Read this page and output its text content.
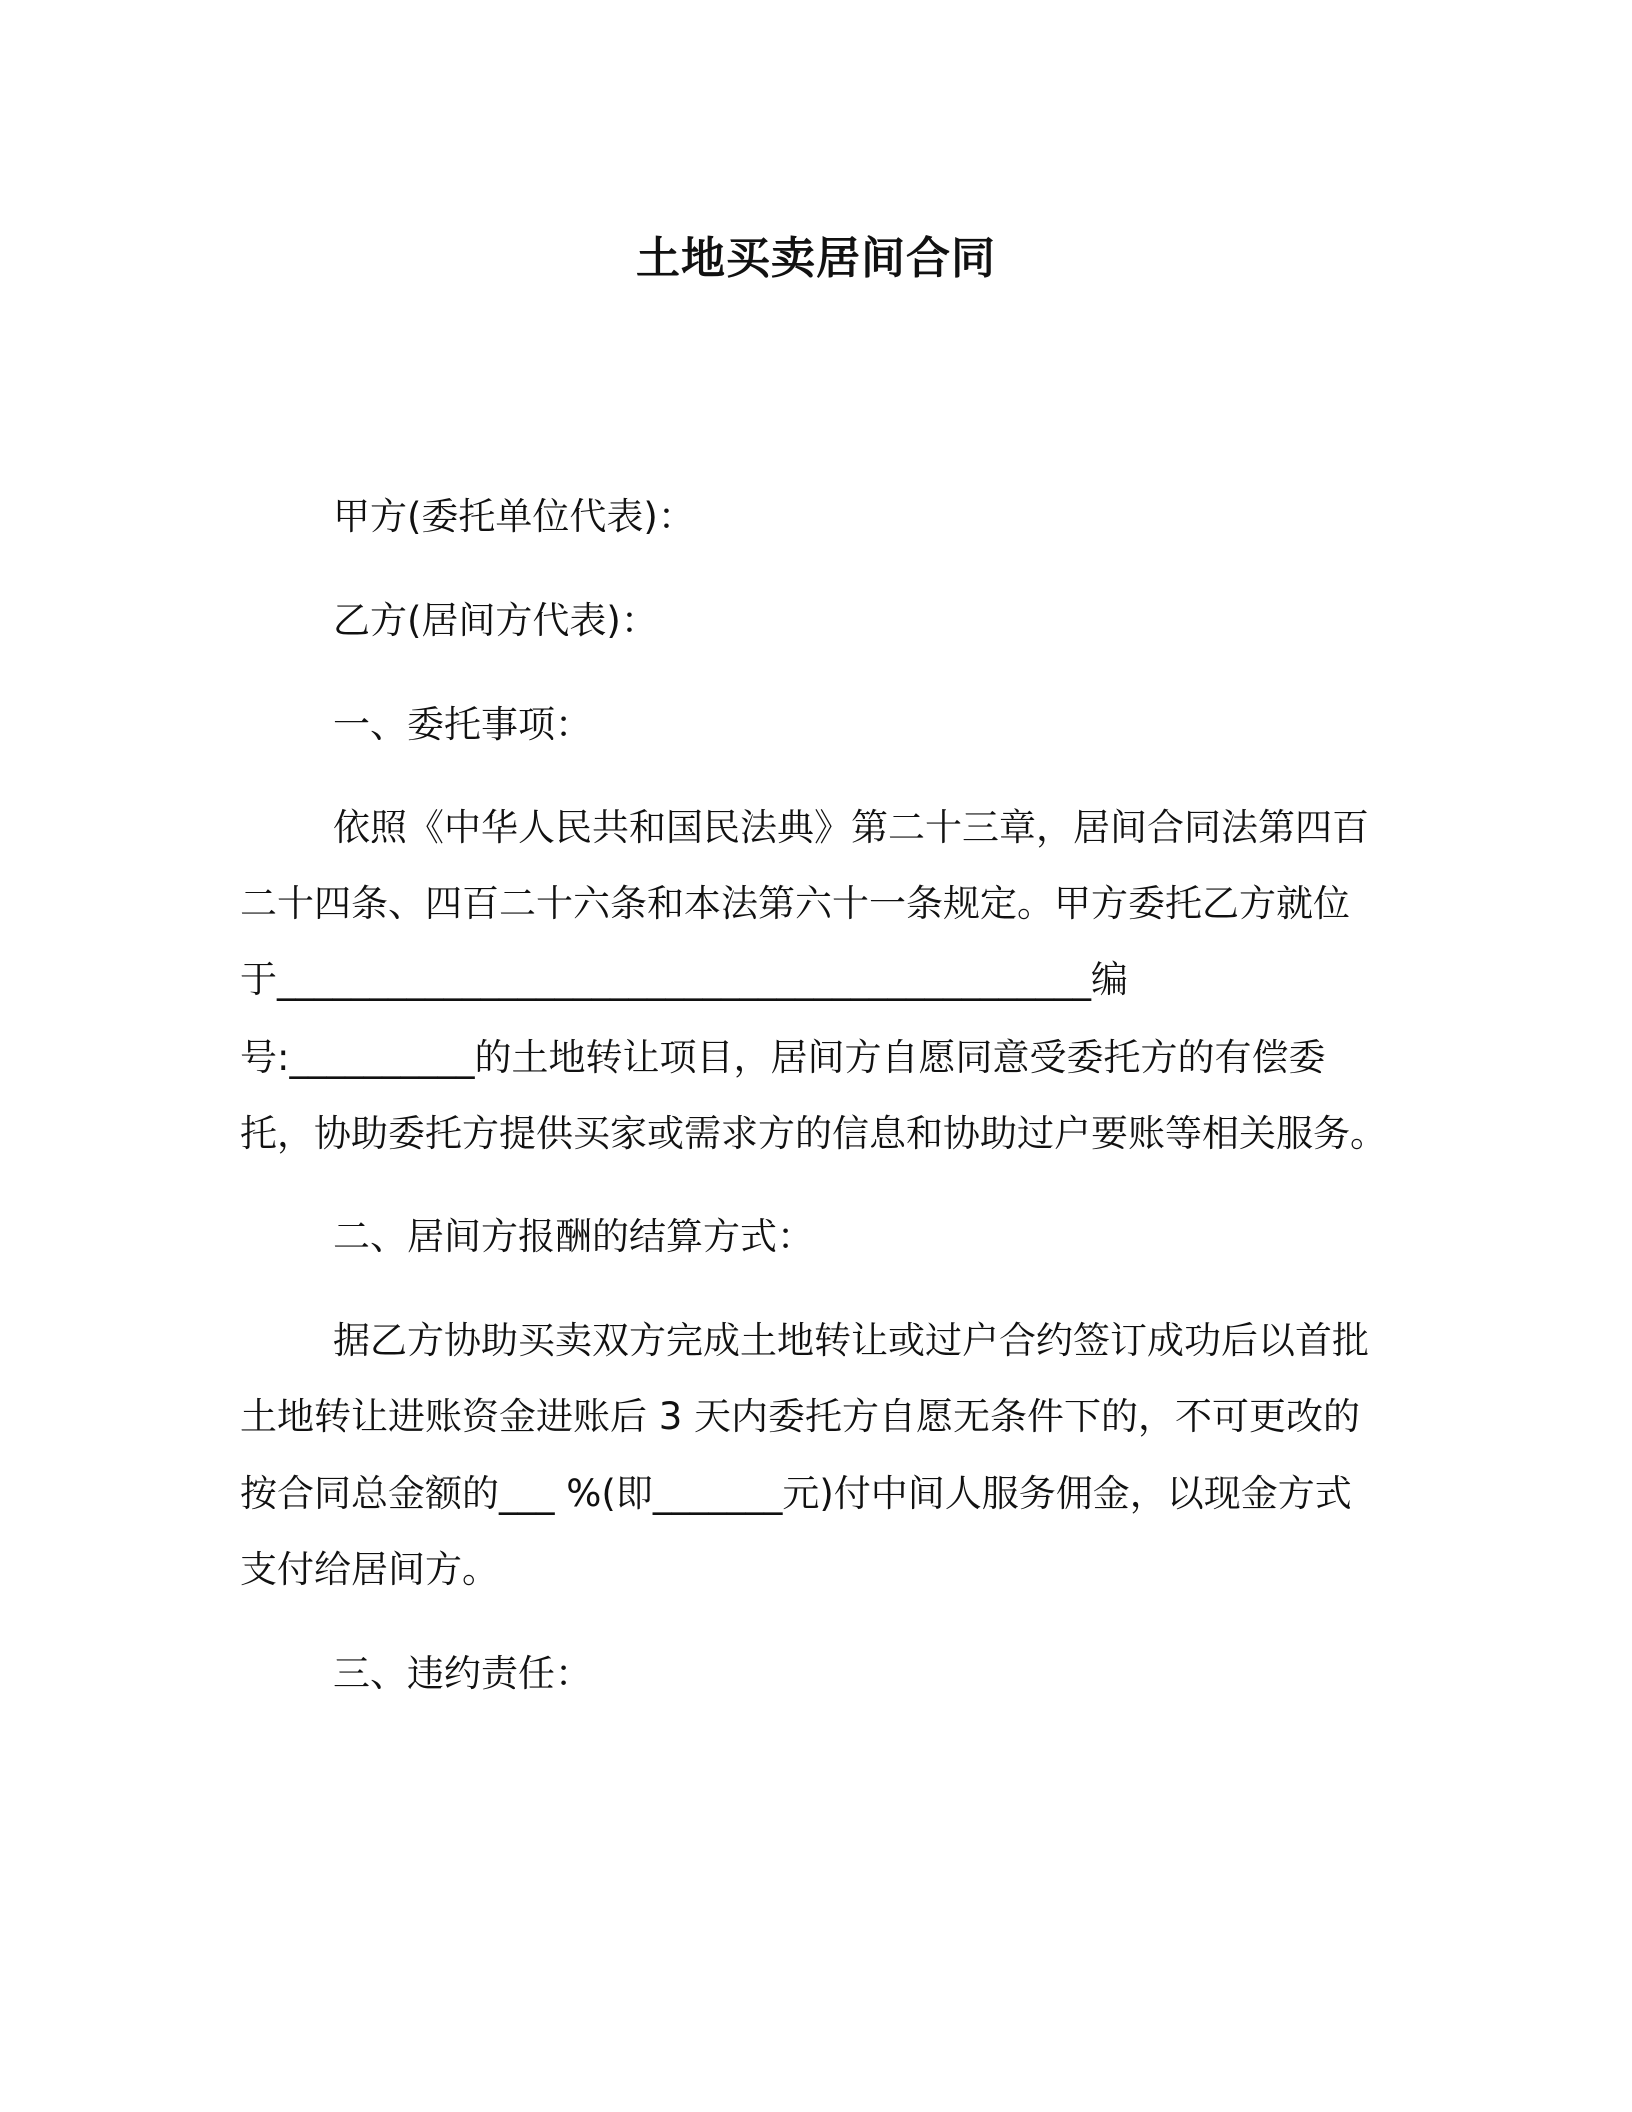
土地买卖居间合同
甲方(委托单位代表)：
乙方(居间方代表)：
一、委托事项：
依照《中华人民共和国民法典》第二十三章，居间合同法第四百
二十四条、四百二十六条和本法第六十一条规定。甲方委托乙方就位
于____________________________________________编
号:__________的土地转让项目，居间方自愿同意受委托方的有偿委
托，协助委托方提供买家或需求方的信息和协助过户要账等相关服务。
二、居间方报酬的结算方式：
据乙方协助买卖双方完成土地转让或过户合约签订成功后以首批
土地转让进账资金进账后 3 天内委托方自愿无条件下的，不可更改的
按合同总金额的___ %(即_______元)付中间人服务佣金，以现金方式
支付给居间方。
三、违约责任：
